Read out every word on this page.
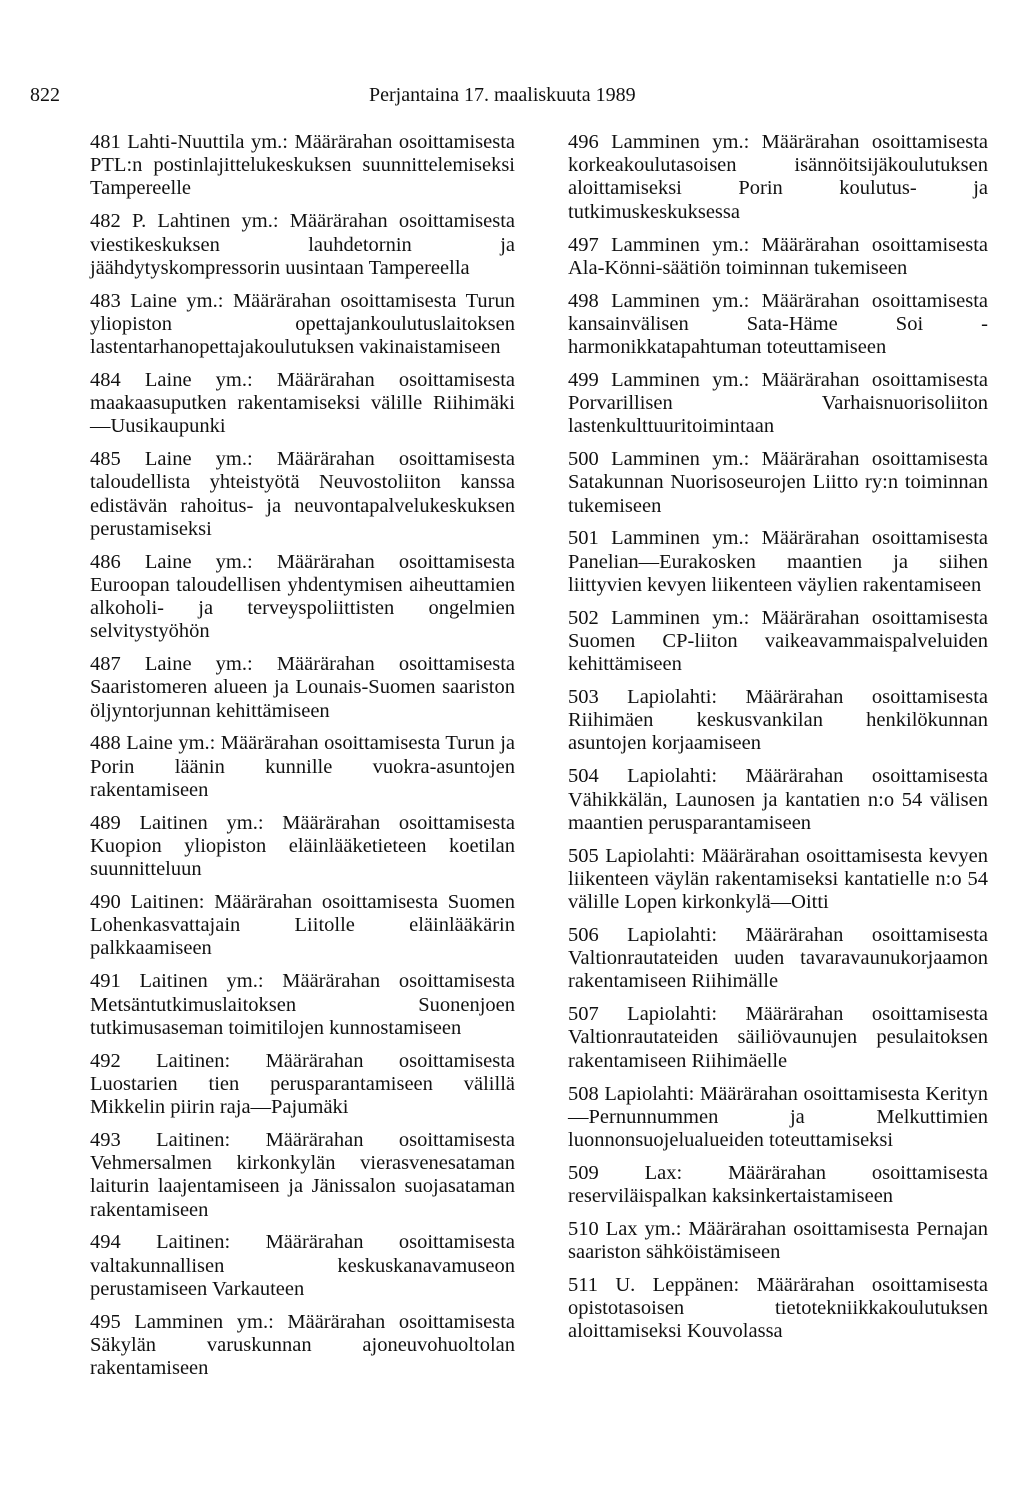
822	Perjantaina 17. maaliskuuta 1989

481 Lahti-Nuuttila ym.: Määrärahan osoittamisesta PTL:n postinlajittelukeskuksen suunnittelemiseksi Tampereelle

482 P. Lahtinen ym.: Määrärahan osoittamisesta viestikeskuksen lauhdetornin ja jäähdytyskompressorin uusintaan Tampereella

483 Laine ym.: Määrärahan osoittamisesta Turun yliopiston opettajankoulutuslaitoksen lastentarhanopettajakoulutuksen vakinaistamiseen

484 Laine ym.: Määrärahan osoittamisesta maakaasuputken rakentamiseksi välille Riihimäki—Uusikaupunki

485 Laine ym.: Määrärahan osoittamisesta taloudellista yhteistyötä Neuvostoliiton kanssa edistävän rahoitus- ja neuvontapalvelukeskuksen perustamiseksi

486 Laine ym.: Määrärahan osoittamisesta Euroopan taloudellisen yhdentymisen aiheuttamien alkoholi- ja terveyspoliittisten ongelmien selvitystyöhön

487 Laine ym.: Määrärahan osoittamisesta Saaristomeren alueen ja Lounais-Suomen saariston öljyntorjunnan kehittämiseen

488 Laine ym.: Määrärahan osoittamisesta Turun ja Porin läänin kunnille vuokra-asuntojen rakentamiseen

489 Laitinen ym.: Määrärahan osoittamisesta Kuopion yliopiston eläinlääketieteen koetilan suunnitteluun

490 Laitinen: Määrärahan osoittamisesta Suomen Lohenkasvattajain Liitolle eläinlääkärin palkkaamiseen

491 Laitinen ym.: Määrärahan osoittamisesta Metsäntutkimuslaitoksen Suonenjoen tutkimusaseman toimitilojen kunnostamiseen

492 Laitinen: Määrärahan osoittamisesta Luostarien tien perusparantamiseen välillä Mikkelin piirin raja—Pajumäki

493 Laitinen: Määrärahan osoittamisesta Vehmersalmen kirkonkylän vierasvenesataman laiturin laajentamiseen ja Jänissalon suojasataman rakentamiseen

494 Laitinen: Määrärahan osoittamisesta valtakunnallisen keskuskanavamuseon perustamiseen Varkauteen

495 Lamminen ym.: Määrärahan osoittamisesta Säkylän varuskunnan ajoneuvohuoltolan rakentamiseen

496 Lamminen ym.: Määrärahan osoittamisesta korkeakoulutasoisen isännöitsijäkoulutuksen aloittamiseksi Porin koulutus- ja tutkimuskeskuksessa

497 Lamminen ym.: Määrärahan osoittamisesta Ala-Könni-säätiön toiminnan tukemiseen

498 Lamminen ym.: Määrärahan osoittamisesta kansainvälisen Sata-Häme Soi -harmonikkatapahtuman toteuttamiseen

499 Lamminen ym.: Määrärahan osoittamisesta Porvarillisen Varhaisnuorisoliiton lastenkulttuuritoimintaan

500 Lamminen ym.: Määrärahan osoittamisesta Satakunnan Nuorisoseurojen Liitto ry:n toiminnan tukemiseen

501 Lamminen ym.: Määrärahan osoittamisesta Panelian—Eurakosken maantien ja siihen liittyvien kevyen liikenteen väylien rakentamiseen

502 Lamminen ym.: Määrärahan osoittamisesta Suomen CP-liiton vaikeavammaispalveluiden kehittämiseen

503 Lapiolahti: Määrärahan osoittamisesta Riihimäen keskusvankilan henkilökunnan asuntojen korjaamiseen

504 Lapiolahti: Määrärahan osoittamisesta Vähikkälän, Launosen ja kantatien n:o 54 välisen maantien perusparantamiseen

505 Lapiolahti: Määrärahan osoittamisesta kevyen liikenteen väylän rakentamiseksi kantatielle n:o 54 välille Lopen kirkonkylä—Oitti

506 Lapiolahti: Määrärahan osoittamisesta Valtionrautateiden uuden tavaravaunukorjaamon rakentamiseen Riihimälle

507 Lapiolahti: Määrärahan osoittamisesta Valtionrautateiden säiliövaunujen pesulaitoksen rakentamiseen Riihimäelle

508 Lapiolahti: Määrärahan osoittamisesta Kerityn—Pernunnummen ja Melkuttimien luonnonsuojelualueiden toteuttamiseksi

509 Lax: Määrärahan osoittamisesta reserviläispalkan kaksinkertaistamiseen

510 Lax ym.: Määrärahan osoittamisesta Pernajan saariston sähköistämiseen

511 U. Leppänen: Määrärahan osoittamisesta opistotasoisen tietotekniikkakoulutuksen aloittamiseksi Kouvolassa
